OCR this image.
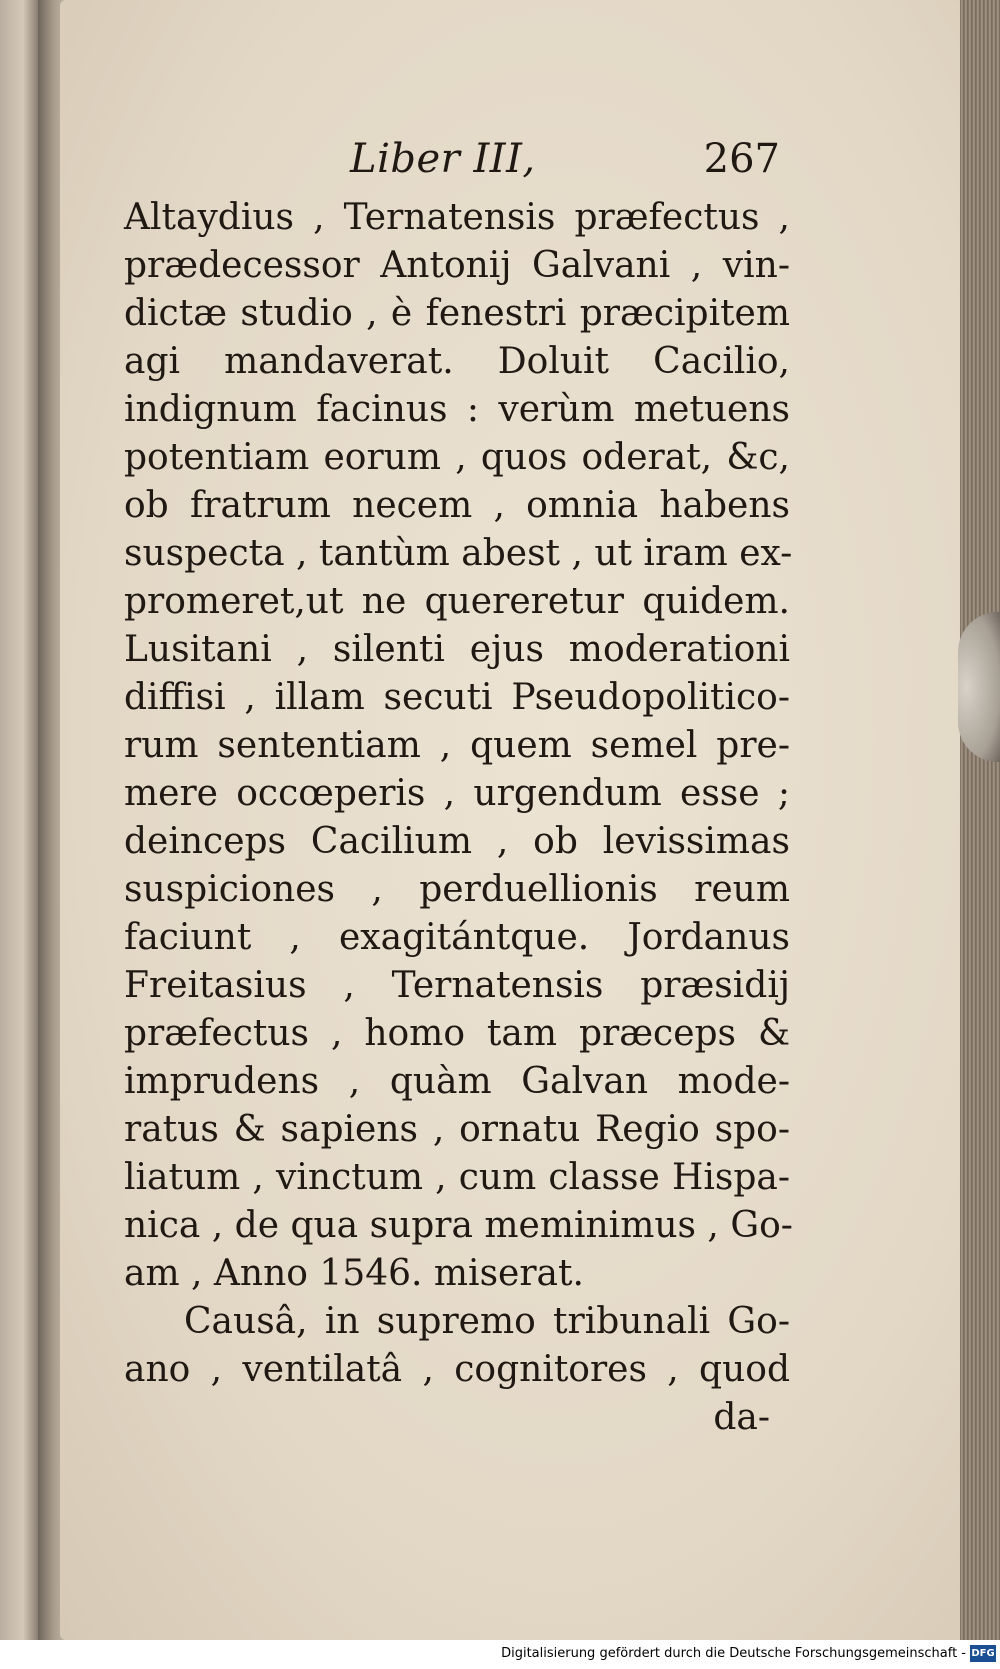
Liber III,	267
Altaydius , Ternatensis præfectus ,
prædecessor Antonij Galvani , vin-
dictæ studio , è fenestri præcipitem
agi mandaverat. Doluit Cacilio,
indignum facinus : verùm metuens
potentiam eorum , quos oderat, &c,
ob fratrum necem , omnia habens
suspecta , tantùm abest , ut iram ex-
promeret,ut ne quereretur quidem.
Lusitani , silenti ejus moderationi
diffisi , illam secuti Pseudopolitico-
rum sententiam , quem semel pre-
mere occœperis , urgendum esse ;
deinceps Cacilium , ob levissimas
suspiciones , perduellionis reum
faciunt , exagitántque. Jordanus
Freitasius , Ternatensis præsidij
præfectus , homo tam præceps &
imprudens , quàm Galvan mode-
ratus & sapiens , ornatu Regio spo-
liatum , vinctum , cum classe Hispa-
nica , de qua supra meminimus , Go-
am , Anno 1546. miserat.
Causâ, in supremo tribunali Go-
ano , ventilatâ , cognitores , quod
da-
Digitalisierung gefördert durch die Deutsche Forschungsgemeinschaft - DFG
